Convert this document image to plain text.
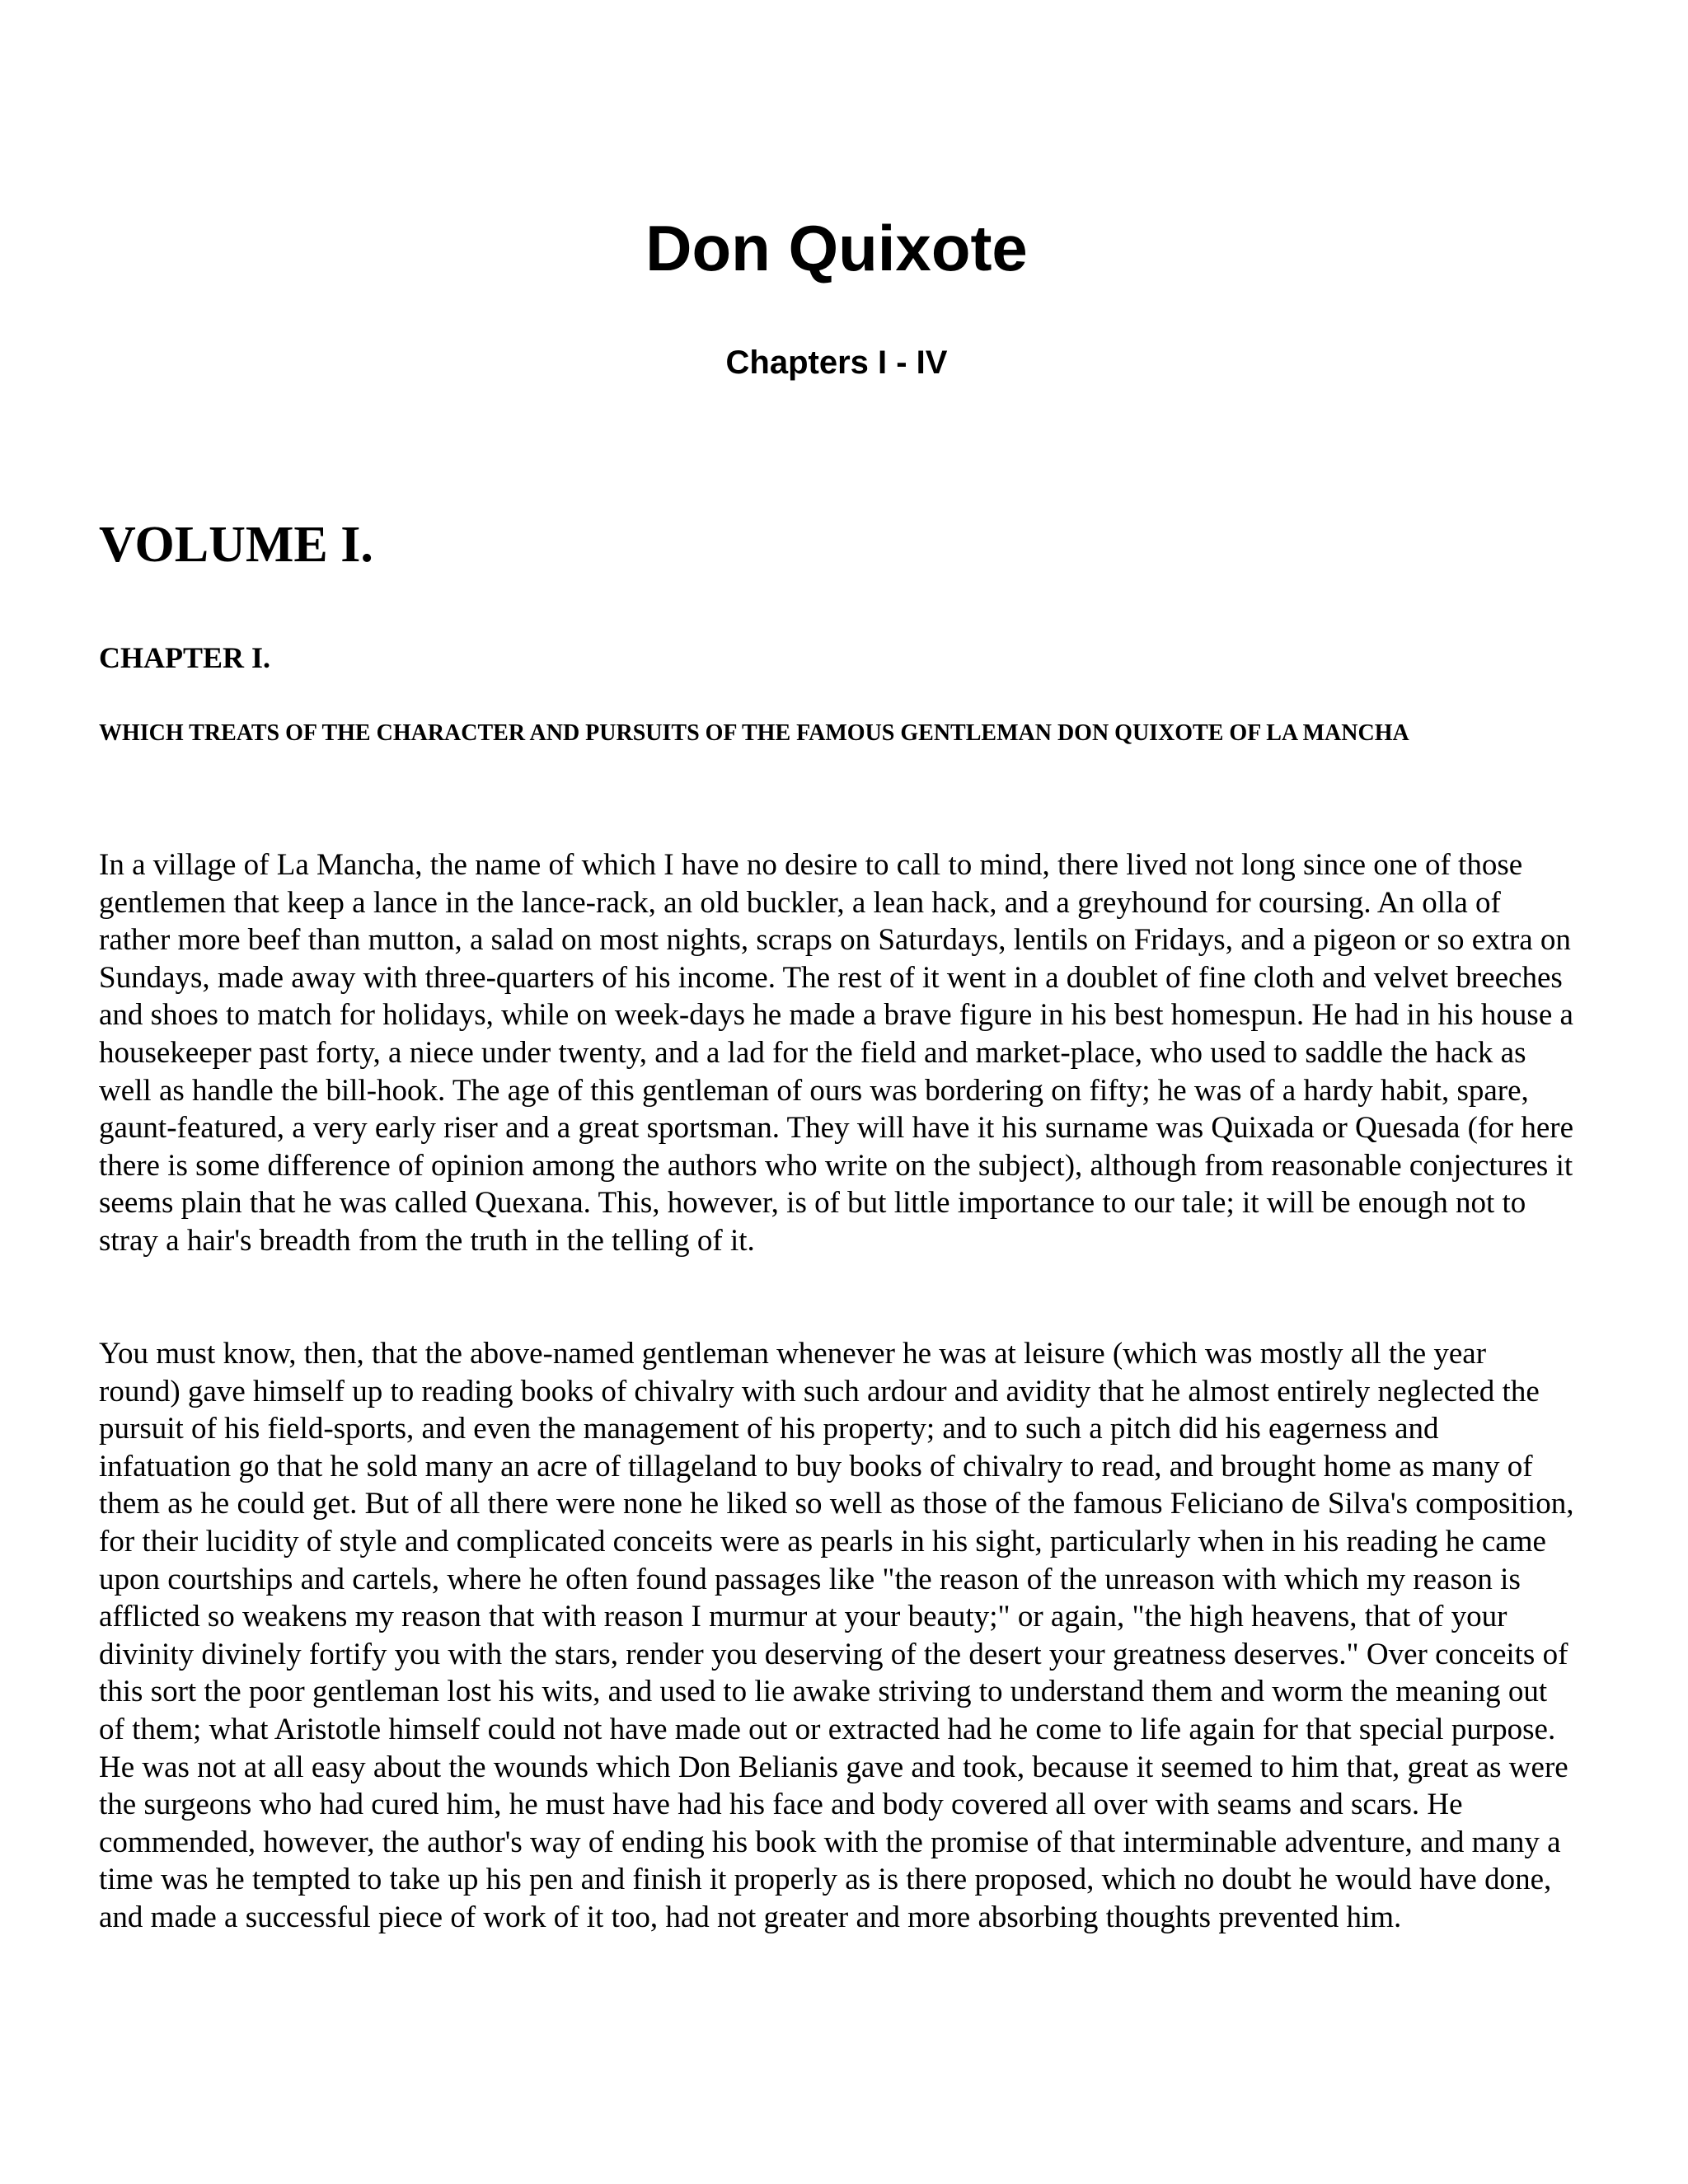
Don Quixote
Chapters I - IV
VOLUME I.
CHAPTER I.
WHICH TREATS OF THE CHARACTER AND PURSUITS OF THE FAMOUS GENTLEMAN DON QUIXOTE OF LA MANCHA

In a village of La Mancha, the name of which I have no desire to call to mind, there lived not long since one of those gentlemen that keep a lance in the lance-rack, an old buckler, a lean hack, and a greyhound for coursing. An olla of rather more beef than mutton, a salad on most nights, scraps on Saturdays, lentils on Fridays, and a pigeon or so extra on Sundays, made away with three-quarters of his income. The rest of it went in a doublet of fine cloth and velvet breeches and shoes to match for holidays, while on week-days he made a brave figure in his best homespun. He had in his house a housekeeper past forty, a niece under twenty, and a lad for the field and market-place, who used to saddle the hack as well as handle the bill-hook. The age of this gentleman of ours was bordering on fifty; he was of a hardy habit, spare, gaunt-featured, a very early riser and a great sportsman. They will have it his surname was Quixada or Quesada (for here there is some difference of opinion among the authors who write on the subject), although from reasonable conjectures it seems plain that he was called Quexana. This, however, is of but little importance to our tale; it will be enough not to stray a hair's breadth from the truth in the telling of it.

You must know, then, that the above-named gentleman whenever he was at leisure (which was mostly all the year round) gave himself up to reading books of chivalry with such ardour and avidity that he almost entirely neglected the pursuit of his field-sports, and even the management of his property; and to such a pitch did his eagerness and infatuation go that he sold many an acre of tillageland to buy books of chivalry to read, and brought home as many of them as he could get. But of all there were none he liked so well as those of the famous Feliciano de Silva's composition, for their lucidity of style and complicated conceits were as pearls in his sight, particularly when in his reading he came upon courtships and cartels, where he often found passages like "the reason of the unreason with which my reason is afflicted so weakens my reason that with reason I murmur at your beauty;" or again, "the high heavens, that of your divinity divinely fortify you with the stars, render you deserving of the desert your greatness deserves." Over conceits of this sort the poor gentleman lost his wits, and used to lie awake striving to understand them and worm the meaning out of them; what Aristotle himself could not have made out or extracted had he come to life again for that special purpose. He was not at all easy about the wounds which Don Belianis gave and took, because it seemed to him that, great as were the surgeons who had cured him, he must have had his face and body covered all over with seams and scars. He commended, however, the author's way of ending his book with the promise of that interminable adventure, and many a time was he tempted to take up his pen and finish it properly as is there proposed, which no doubt he would have done, and made a successful piece of work of it too, had not greater and more absorbing thoughts prevented him.
